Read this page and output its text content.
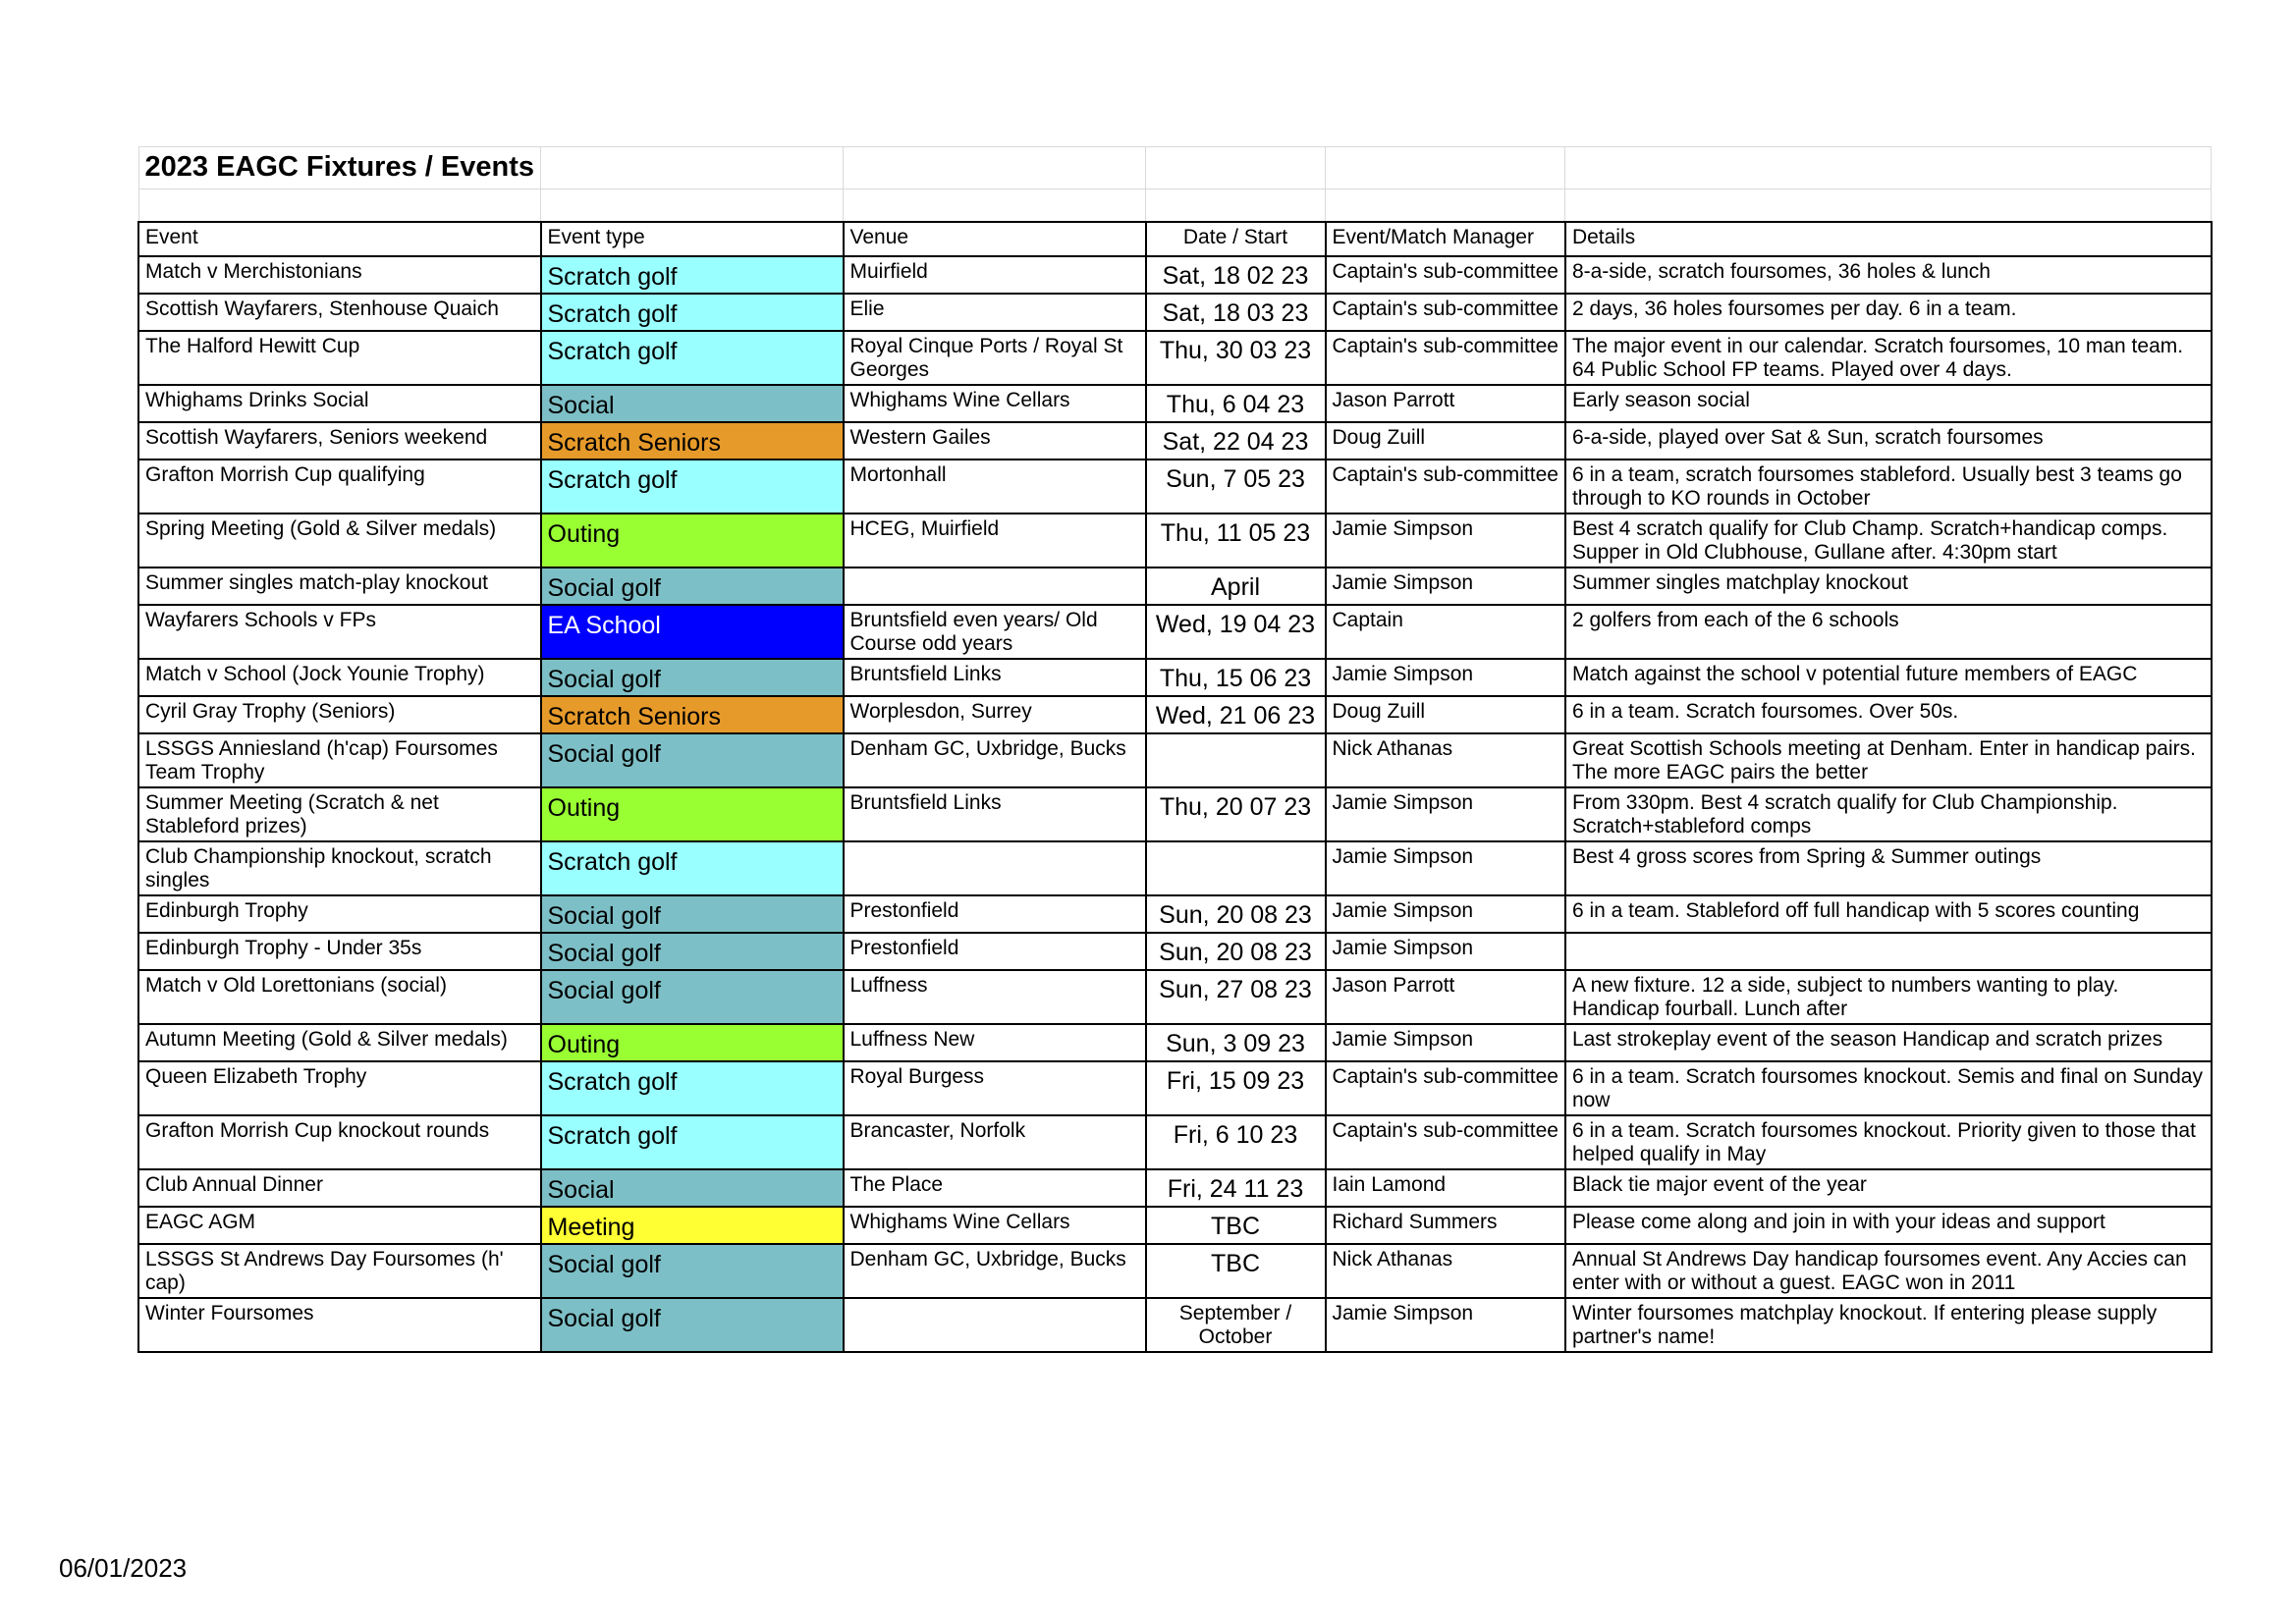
2023 EAGC Fixtures / Events					

Event	Event type	Venue	Date / Start	Event/Match Manager	Details
Match v Merchistonians	Scratch golf	Muirfield	Sat, 18 02 23	Captain's sub-committee	8-a-side, scratch foursomes, 36 holes & lunch
Scottish Wayfarers, Stenhouse Quaich	Scratch golf	Elie	Sat, 18 03 23	Captain's sub-committee	2 days, 36 holes foursomes per day. 6 in a team.
The Halford Hewitt Cup	Scratch golf	Royal Cinque Ports / Royal St Georges	Thu, 30 03 23	Captain's sub-committee	The major event in our calendar. Scratch foursomes, 10 man team. 64 Public School FP teams. Played over 4 days.
Whighams Drinks Social	Social	Whighams Wine Cellars	Thu, 6 04 23	Jason Parrott	Early season social
Scottish Wayfarers, Seniors weekend	Scratch Seniors	Western Gailes	Sat, 22 04 23	Doug Zuill	6-a-side, played over Sat & Sun, scratch foursomes
Grafton Morrish Cup qualifying	Scratch golf	Mortonhall	Sun, 7 05 23	Captain's sub-committee	6 in a team, scratch foursomes stableford. Usually best 3 teams go through to KO rounds in October
Spring Meeting (Gold & Silver medals)	Outing	HCEG, Muirfield	Thu, 11 05 23	Jamie Simpson	Best 4 scratch qualify for Club Champ. Scratch+handicap comps. Supper in Old Clubhouse, Gullane after. 4:30pm start
Summer singles match-play knockout	Social golf		April	Jamie Simpson	Summer singles matchplay knockout
Wayfarers Schools v FPs	EA School	Bruntsfield even years/ Old Course odd years	Wed, 19 04 23	Captain	2 golfers from each of the 6 schools
Match v School (Jock Younie Trophy)	Social golf	Bruntsfield Links	Thu, 15 06 23	Jamie Simpson	Match against the school v potential future members of EAGC
Cyril Gray Trophy (Seniors)	Scratch Seniors	Worplesdon, Surrey	Wed, 21 06 23	Doug Zuill	6 in a team. Scratch foursomes. Over 50s.
LSSGS Anniesland (h'cap) Foursomes Team Trophy	Social golf	Denham GC, Uxbridge, Bucks		Nick Athanas	Great Scottish Schools meeting at Denham. Enter in handicap pairs. The more EAGC pairs the better
Summer Meeting (Scratch & net Stableford prizes)	Outing	Bruntsfield Links	Thu, 20 07 23	Jamie Simpson	From 330pm. Best 4 scratch qualify for Club Championship. Scratch+stableford comps
Club Championship knockout, scratch singles	Scratch golf			Jamie Simpson	Best 4 gross scores from Spring & Summer outings
Edinburgh Trophy	Social golf	Prestonfield	Sun, 20 08 23	Jamie Simpson	6 in a team. Stableford off full handicap with 5 scores counting
Edinburgh Trophy - Under 35s	Social golf	Prestonfield	Sun, 20 08 23	Jamie Simpson	
Match v Old Lorettonians (social)	Social golf	Luffness	Sun, 27 08 23	Jason Parrott	A new fixture. 12 a side, subject to numbers wanting to play. Handicap fourball. Lunch after
Autumn Meeting (Gold & Silver medals)	Outing	Luffness New	Sun, 3 09 23	Jamie Simpson	Last strokeplay event of the season Handicap and scratch prizes
Queen Elizabeth Trophy	Scratch golf	Royal Burgess	Fri, 15 09 23	Captain's sub-committee	6 in a team. Scratch foursomes knockout. Semis and final on Sunday now
Grafton Morrish Cup knockout rounds	Scratch golf	Brancaster, Norfolk	Fri, 6 10 23	Captain's sub-committee	6 in a team. Scratch foursomes knockout. Priority given to those that helped qualify in May
Club Annual Dinner	Social	The Place	Fri, 24 11 23	Iain Lamond	Black tie major event of the year
EAGC AGM	Meeting	Whighams Wine Cellars	TBC	Richard Summers	Please come along and join in with your ideas and support
LSSGS St Andrews Day Foursomes (h' cap)	Social golf	Denham GC, Uxbridge, Bucks	TBC	Nick Athanas	Annual St Andrews Day handicap foursomes event. Any Accies can enter with or without a guest. EAGC won in 2011
Winter Foursomes	Social golf		September / October	Jamie Simpson	Winter foursomes matchplay knockout. If entering please supply partner's name!
06/01/2023
